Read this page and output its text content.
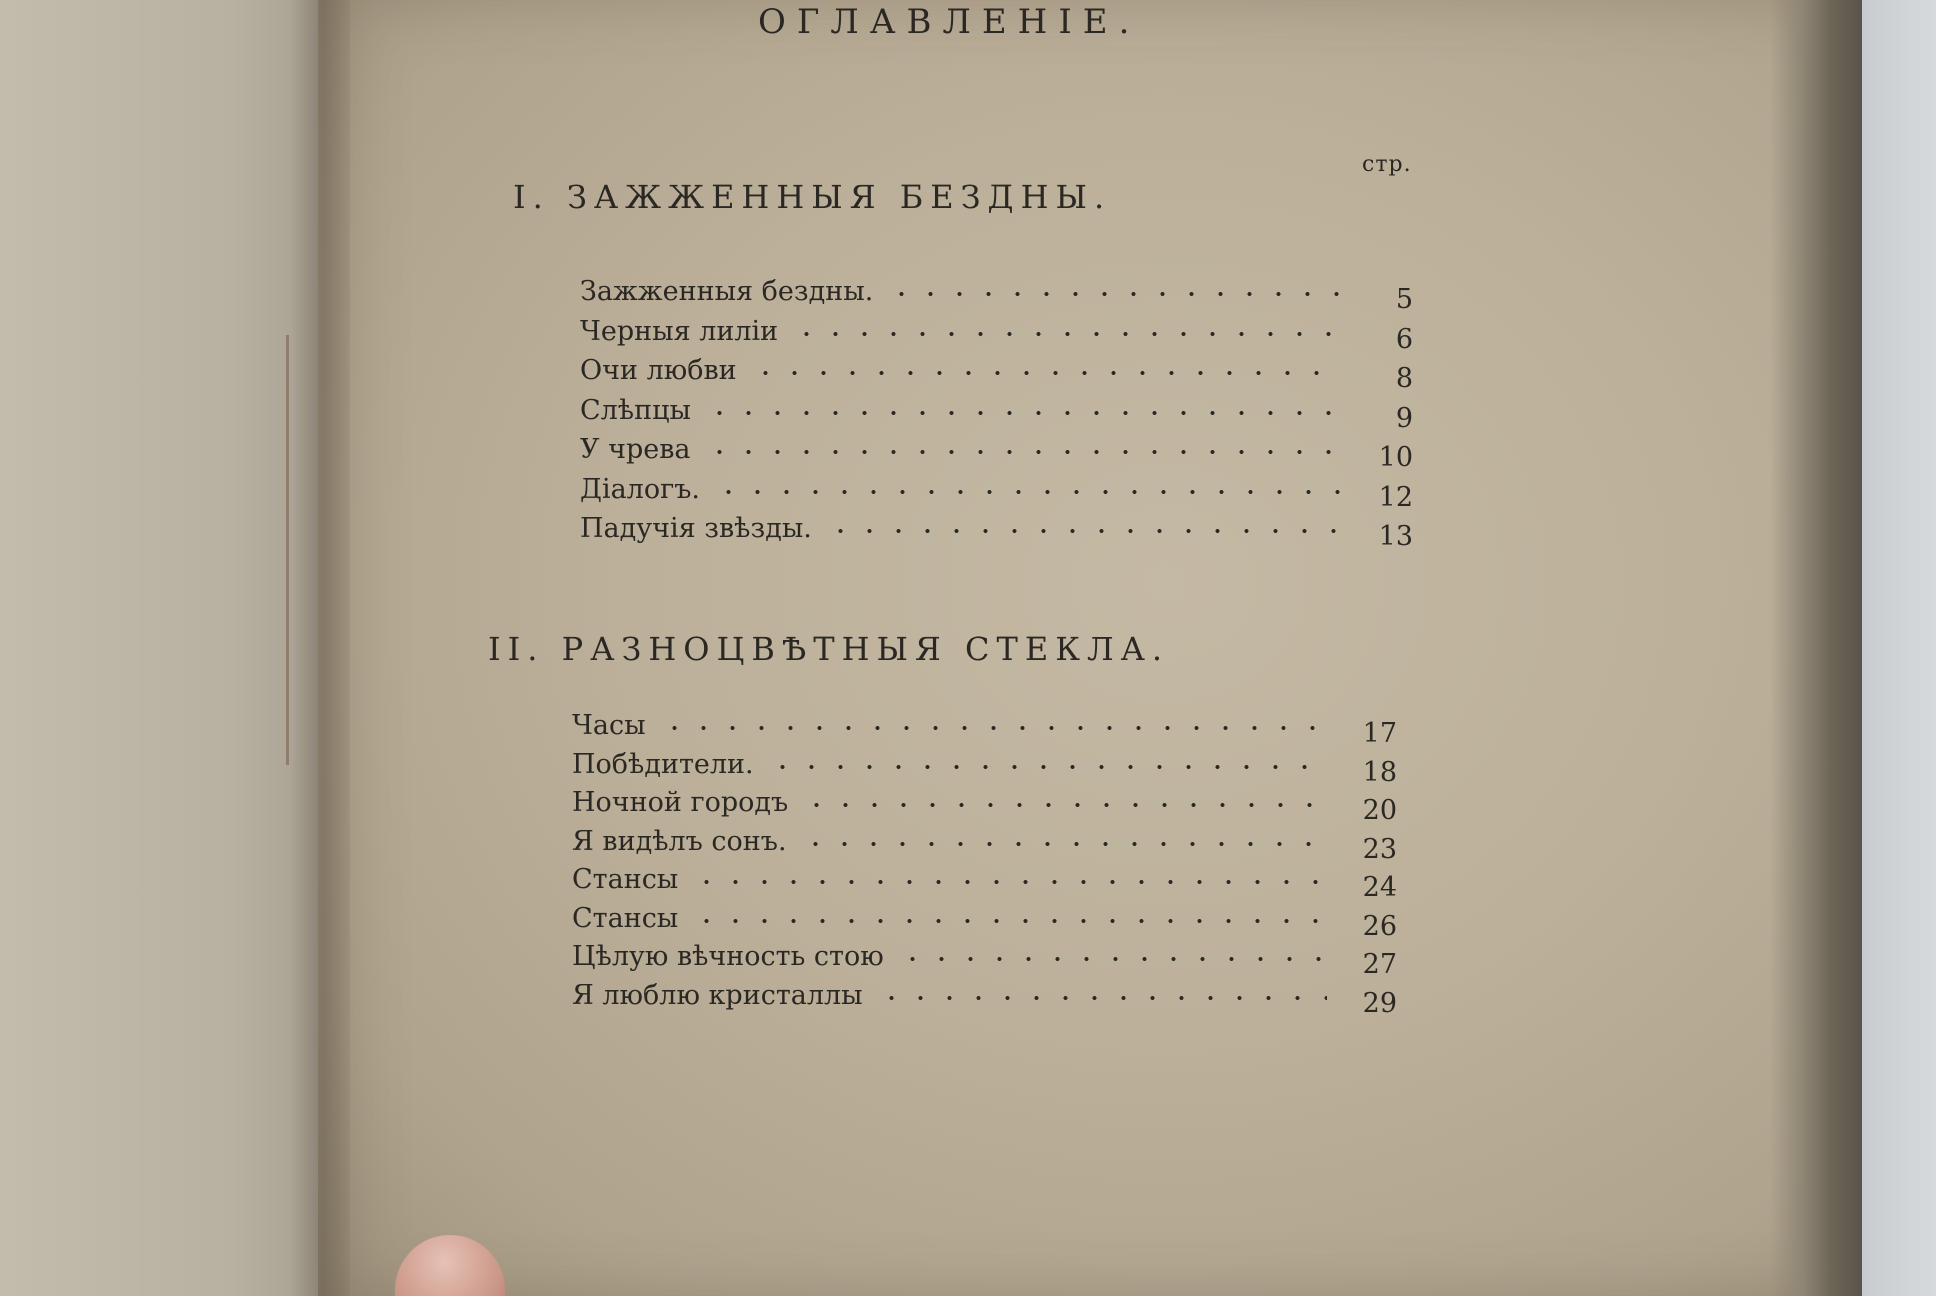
ОГЛАВЛЕНІЕ.
стр.
I. ЗАЖЖЕННЫЯ БЕЗДНЫ.
Зажженныя бездны.	5
Черныя лиліи	6
Очи любви	8
Слѣпцы	9
У чрева	10
Діалогъ.	12
Падучія звѣзды.	13
II. РАЗНОЦВѢТНЫЯ СТЕКЛА.
Часы	17
Побѣдители.	18
Ночной городъ	20
Я видѣлъ сонъ.	23
Стансы	24
Стансы	26
Цѣлую вѣчность стою	27
Я люблю кристаллы	29
